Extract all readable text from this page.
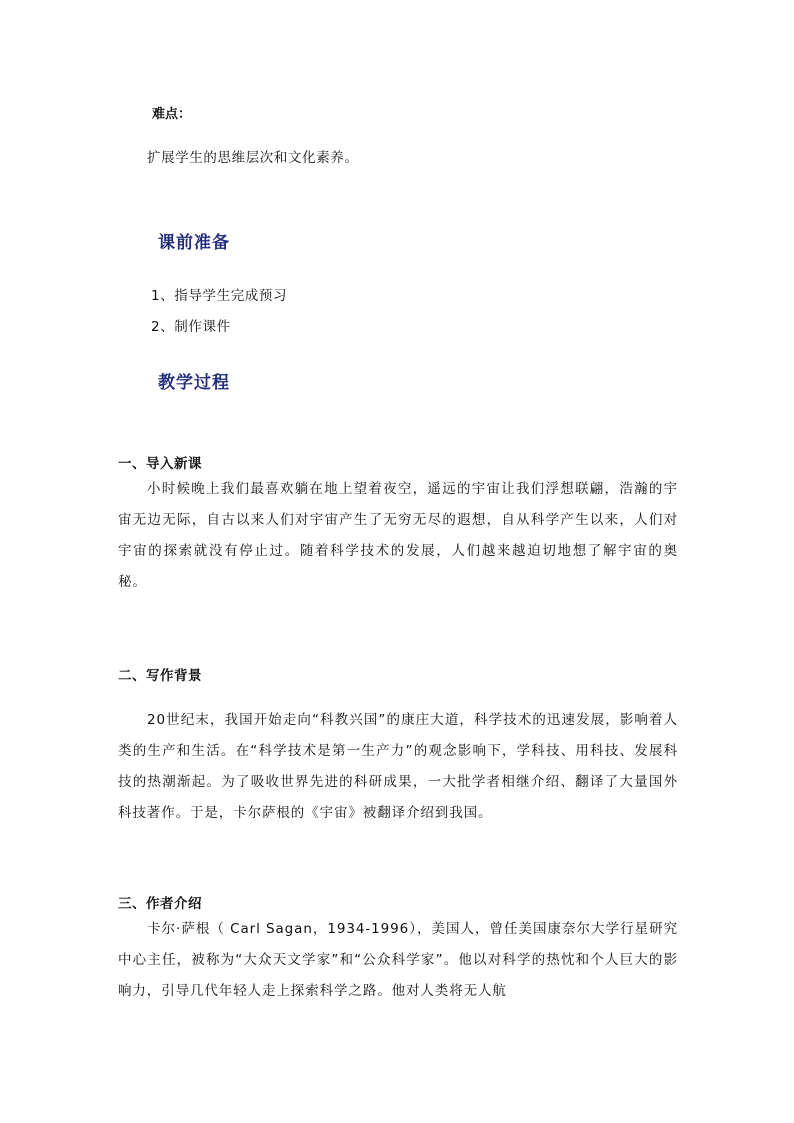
难点：
扩展学生的思维层次和文化素养。
课前准备
1、指导学生完成预习
2、制作课件
教学过程
一、导入新课
小时候晚上我们最喜欢躺在地上望着夜空，遥远的宇宙让我们浮想联翩，浩瀚的宇宙无边无际，自古以来人们对宇宙产生了无穷无尽的遐想，自从科学产生以来，人们对宇宙的探索就没有停止过。随着科学技术的发展，人们越来越迫切地想了解宇宙的奥秘。
二、写作背景
20世纪末，我国开始走向“科教兴国”的康庄大道，科学技术的迅速发展，影响着人类的生产和生活。在“科学技术是第一生产力”的观念影响下，学科技、用科技、发展科技的热潮渐起。为了吸收世界先进的科研成果，一大批学者相继介绍、翻译了大量国外科技著作。于是，卡尔萨根的《宇宙》被翻译介绍到我国。
三、作者介绍
卡尔·萨根（ Carl Sagan，1934-1996），美国人，曾任美国康奈尔大学行星研究中心主任，被称为“大众天文学家”和“公众科学家”。他以对科学的热忱和个人巨大的影响力，引导几代年轻人走上探索科学之路。他对人类将无人航
